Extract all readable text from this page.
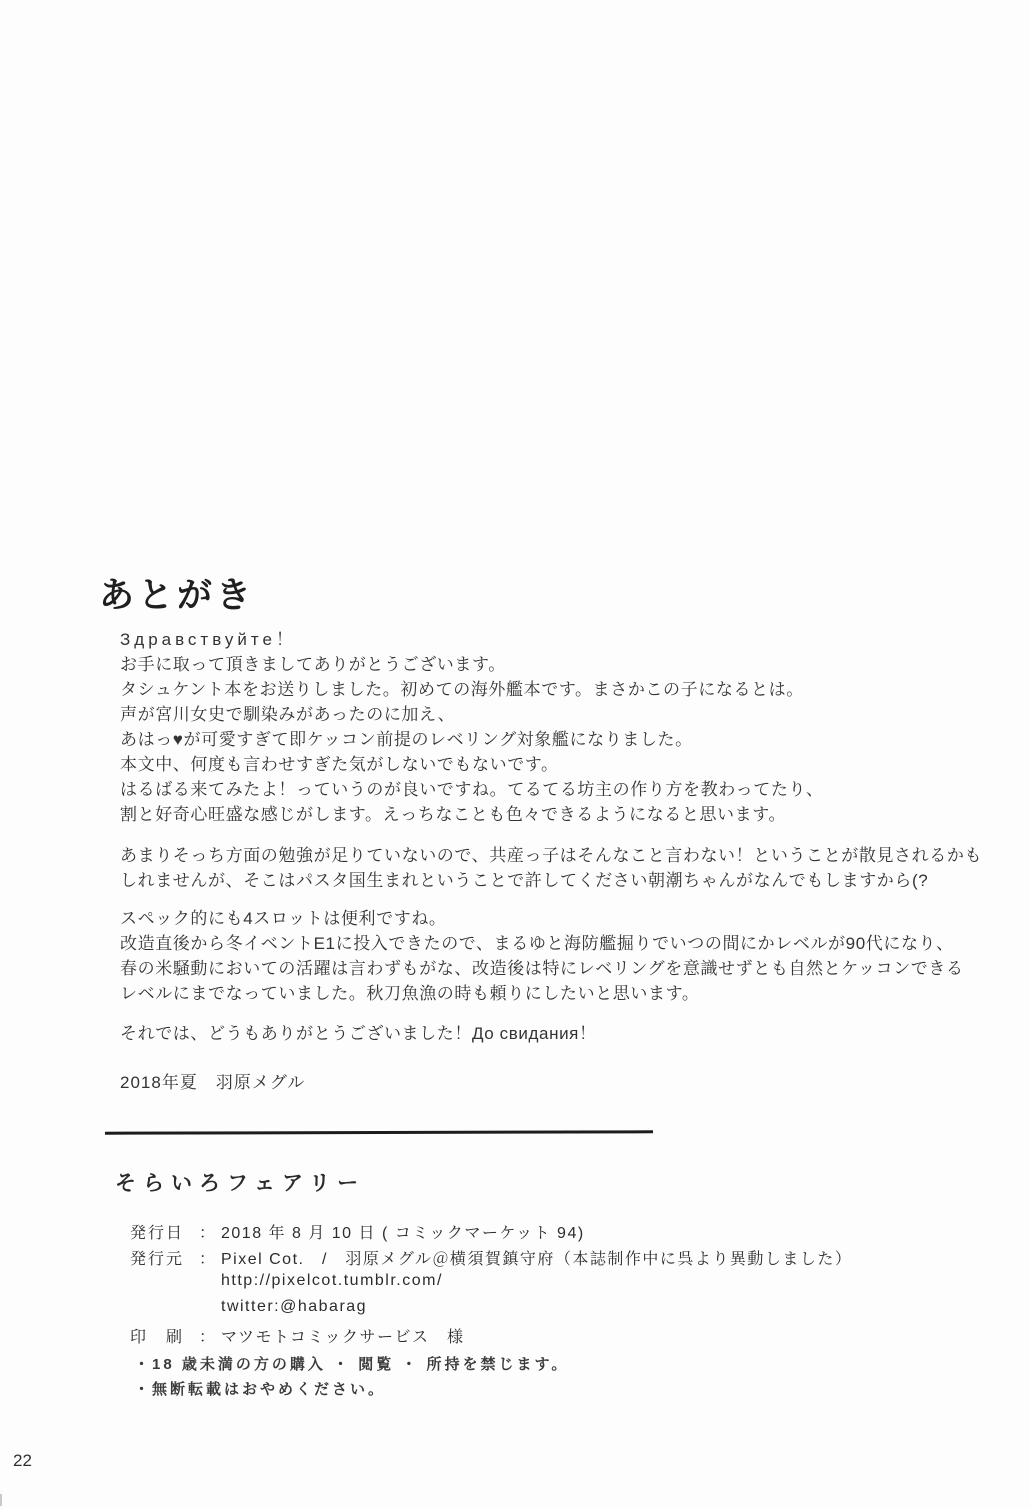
あとがき
Здравствуйте！
お手に取って頂きましてありがとうございます。
タシュケント本をお送りしました。初めての海外艦本です。まさかこの子になるとは。
声が宮川女史で馴染みがあったのに加え、
あはっ♥が可愛すぎて即ケッコン前提のレベリング対象艦になりました。
本文中、何度も言わせすぎた気がしないでもないです。
はるばる来てみたよ！っていうのが良いですね。てるてる坊主の作り方を教わってたり、
割と好奇心旺盛な感じがします。えっちなことも色々できるようになると思います。
あまりそっち方面の勉強が足りていないので、共産っ子はそんなこと言わない！ということが散見されるかも
しれませんが、そこはパスタ国生まれということで許してください朝潮ちゃんがなんでもしますから(?
スペック的にも4スロットは便利ですね。
改造直後から冬イベントE1に投入できたので、まるゆと海防艦掘りでいつの間にかレベルが90代になり、
春の米騒動においての活躍は言わずもがな、改造後は特にレベリングを意識せずとも自然とケッコンできる
レベルにまでなっていました。秋刀魚漁の時も頼りにしたいと思います。
それでは、どうもありがとうございました！До свидания！
2018年夏　羽原メグル
そらいろフェアリー
発行日 ： 2018 年 8 月 10 日 ( コミックマーケット 94)
発行元 ： Pixel Cot.　/　羽原メグル＠横須賀鎮守府（本誌制作中に呉より異動しました）
http://pixelcot.tumblr.com/
twitter:@habarag
印　刷 ： マツモトコミックサービス　様
・18 歳未満の方の購入 ・ 閲覧 ・ 所持を禁じます。
・無断転載はおやめください。
22
